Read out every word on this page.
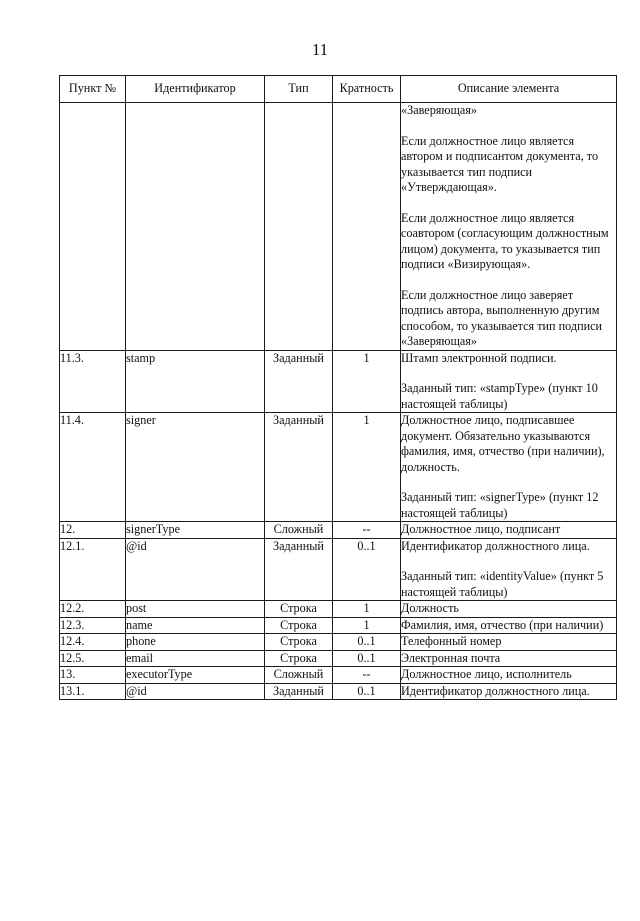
11
Пункт №	Идентификатор	Тип	Кратность	Описание элемента

				«Заверяющая»
Если должностное лицо является автором и подписантом документа, то указывается тип подписи «Утверждающая».
Если должностное лицо является соавтором (согласующим должностным лицом) документа, то указывается тип подписи «Визирующая».
Если должностное лицо заверяет подпись автора, выполненную другим способом, то указывается тип подписи «Заверяющая»

11.3.	stamp	Заданный	1	Штамп электронной подписи.
Заданный тип: «stampType» (пункт 10 настоящей таблицы)

11.4.	signer	Заданный	1	Должностное лицо, подписавшее документ. Обязательно указываются фамилия, имя, отчество (при наличии), должность.
Заданный тип: «signerType» (пункт 12 настоящей таблицы)

12.	signerType	Сложный	--	Должностное лицо, подписант

12.1.	@id	Заданный	0..1	Идентификатор должностного лица.
Заданный тип: «identityValue» (пункт 5 настоящей таблицы)

12.2.	post	Строка	1	Должность

12.3.	name	Строка	1	Фамилия, имя, отчество (при наличии)

12.4.	phone	Строка	0..1	Телефонный номер

12.5.	email	Строка	0..1	Электронная почта

13.	executorType	Сложный	--	Должностное лицо, исполнитель

13.1.	@id	Заданный	0..1	Идентификатор должностного лица.
